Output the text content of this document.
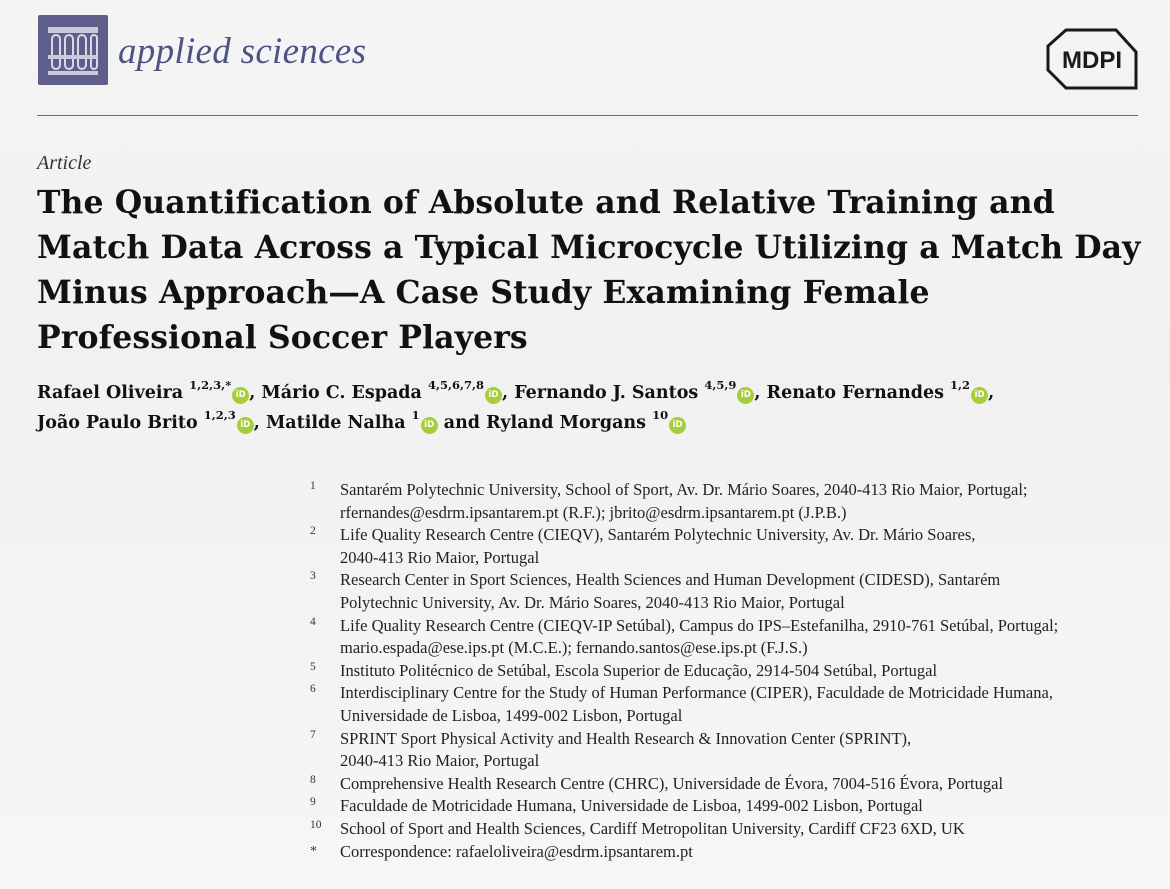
applied sciences	MDPI
Article
The Quantification of Absolute and Relative Training and Match Data Across a Typical Microcycle Utilizing a Match Day Minus Approach—A Case Study Examining Female Professional Soccer Players
Rafael Oliveira $^{1,2,3,*}$iD , Mário C. Espada $^{4,5,6,7,8}$iD , Fernando J. Santos $^{4,5,9}$iD , Renato Fernandes $^{1,2}$iD ,
João Paulo Brito $^{1,2,3}$iD , Matilde Nalha $^1$iD and Ryland Morgans $^{10}$iD
1 Santarém Polytechnic University, School of Sport, Av. Dr. Mário Soares, 2040-413 Rio Maior, Portugal;
rfernandes@esdrm.ipsantarem.pt (R.F.); jbrito@esdrm.ipsantarem.pt (J.P.B.)
2 Life Quality Research Centre (CIEQV), Santarém Polytechnic University, Av. Dr. Mário Soares,
2040-413 Rio Maior, Portugal
3 Research Center in Sport Sciences, Health Sciences and Human Development (CIDESD), Santarém
Polytechnic University, Av. Dr. Mário Soares, 2040-413 Rio Maior, Portugal
4 Life Quality Research Centre (CIEQV-IP Setúbal), Campus do IPS–Estefanilha, 2910-761 Setúbal, Portugal;
mario.espada@ese.ips.pt (M.C.E.); fernando.santos@ese.ips.pt (F.J.S.)
5 Instituto Politécnico de Setúbal, Escola Superior de Educação, 2914-504 Setúbal, Portugal
6 Interdisciplinary Centre for the Study of Human Performance (CIPER), Faculdade de Motricidade Humana,
Universidade de Lisboa, 1499-002 Lisbon, Portugal
7 SPRINT Sport Physical Activity and Health Research & Innovation Center (SPRINT),
2040-413 Rio Maior, Portugal
8 Comprehensive Health Research Centre (CHRC), Universidade de Évora, 7004-516 Évora, Portugal
9 Faculdade de Motricidade Humana, Universidade de Lisboa, 1499-002 Lisbon, Portugal
10 School of Sport and Health Sciences, Cardiff Metropolitan University, Cardiff CF23 6XD, UK
* Correspondence: rafaeloliveira@esdrm.ipsantarem.pt
